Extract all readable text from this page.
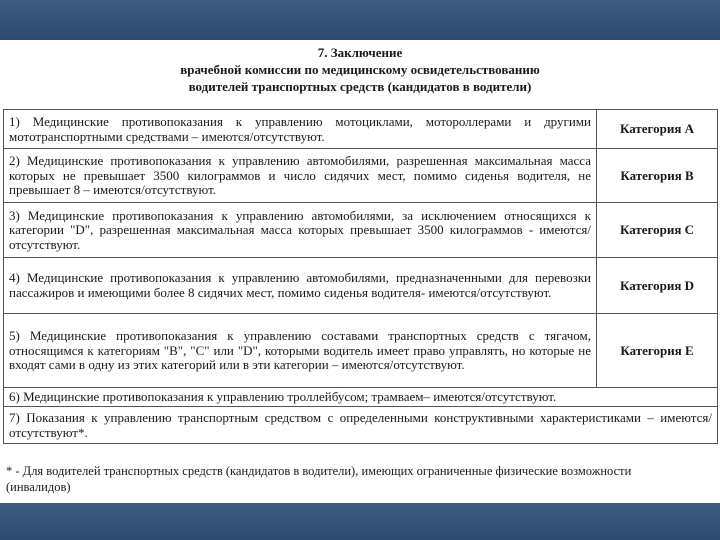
7. Заключение
врачебной комиссии по медицинскому освидетельствованию
водителей транспортных средств (кандидатов в водители)
1) Медицинские противопоказания к управлению мотоциклами, мотороллерами и другими мототранспортными средствами – имеются/отсутствуют.	Категория А
2) Медицинские противопоказания к управлению автомобилями, разрешенная максимальная масса которых не превышает 3500 килограммов и число сидячих мест, помимо сиденья водителя, не превышает 8 – имеются/отсутствуют.	Категория В
3) Медицинские противопоказания к управлению автомобилями, за исключением относящихся к категории "D", разрешенная максимальная масса которых превышает 3500 килограммов - имеются/отсутствуют.	Категория С
4) Медицинские противопоказания к управлению автомобилями, предназначенными для перевозки пассажиров и имеющими более 8 сидячих мест, помимо сиденья водителя- имеются/отсутствуют.	Категория D
5) Медицинские противопоказания к управлению составами транспортных средств с тягачом, относящимся к категориям "В", "С" или "D", которыми водитель имеет право управлять, но которые не входят сами в одну из этих категорий или в эти категории – имеются/отсутствуют.	Категория Е
6) Медицинские противопоказания к управлению троллейбусом; трамваем– имеются/отсутствуют.	
7) Показания к управлению транспортным средством с определенными конструктивными характеристиками – имеются/отсутствуют*.	
* - Для водителей транспортных средств (кандидатов в водители), имеющих ограниченные физические возможности (инвалидов)
